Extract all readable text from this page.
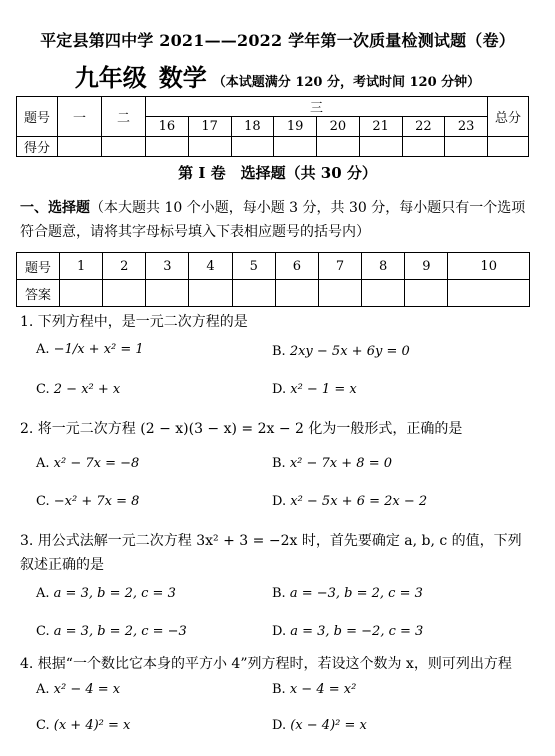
平定县第四中学 2021——2022 学年第一次质量检测试题（卷）
九年级 数学 （本试题满分 120 分，考试时间 120 分钟）
题号	一	二	三								总分
			16	17	18	19	20	21	22	23	
得分											
第 I 卷　选择题（共 30 分）
一、选择题（本大题共 10 个小题，每小题 3 分，共 30 分，每小题只有一个选项符合题意，请将其字母标号填入下表相应题号的括号内）
题号	1	2	3	4	5	6	7	8	9	10
答案										
1. 下列方程中，是一元二次方程的是
A. −1/x + x² = 1	B. 2xy − 5x + 6y = 0
C. 2 − x² + x	D. x² − 1 = x
2. 将一元二次方程 (2 − x)(3 − x) = 2x − 2 化为一般形式，正确的是
A. x² − 7x = −8	B. x² − 7x + 8 = 0
C. −x² + 7x = 8	D. x² − 5x + 6 = 2x − 2
3. 用公式法解一元二次方程 3x² + 3 = −2x 时，首先要确定 a, b, c 的值，下列叙述正确的是
A. a = 3, b = 2, c = 3	B. a = −3, b = 2, c = 3
C. a = 3, b = 2, c = −3	D. a = 3, b = −2, c = 3
4. 根据“一个数比它本身的平方小 4”列方程时，若设这个数为 x，则可列出方程
A. x² − 4 = x	B. x − 4 = x²
C. (x + 4)² = x	D. (x − 4)² = x
